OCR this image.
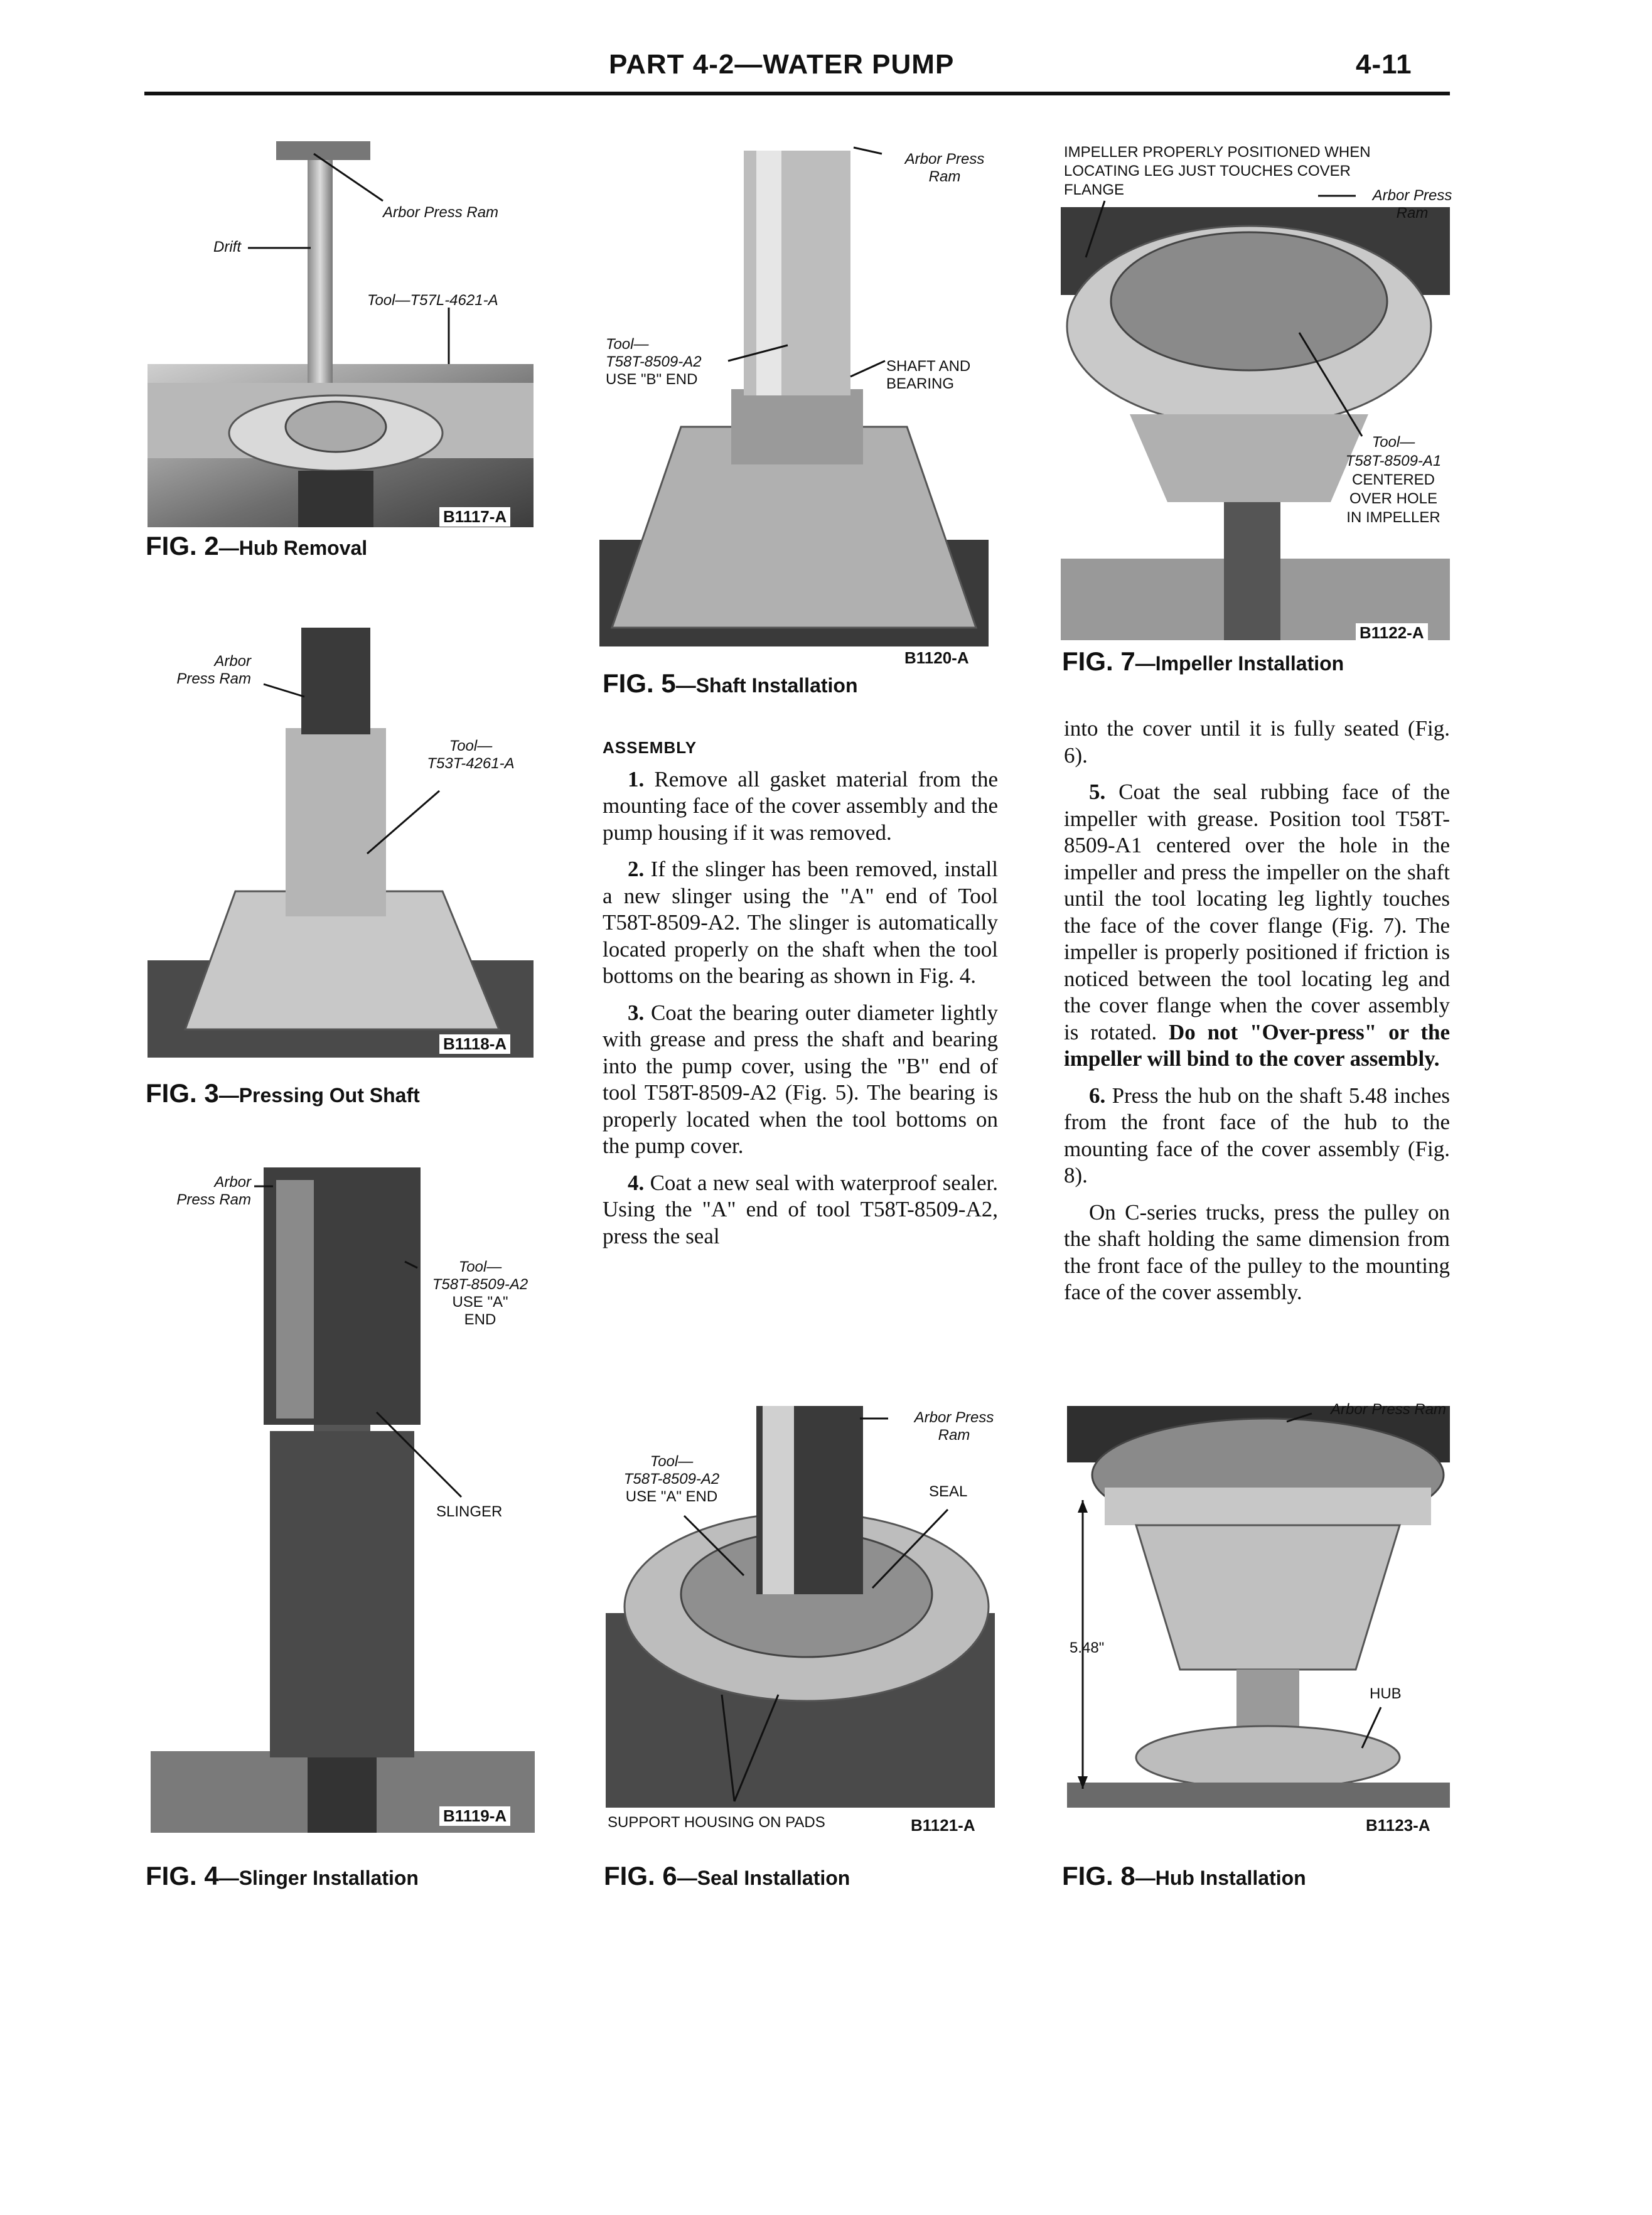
PART 4-2—WATER PUMP	4-11
Arbor Press Ram
Drift
Tool—T57L-4621-A
B1117-A
FIG. 2—Hub Removal
Arbor
Press Ram
Tool—
T53T-4261-A
B1118-A
FIG. 3—Pressing Out Shaft
Arbor
Press Ram
Tool—
T58T-8509-A2
USE "A"
END
SLINGER
B1119-A
FIG. 4—Slinger Installation
Arbor Press
Ram
Tool—
T58T-8509-A2
USE "B" END
SHAFT AND
BEARING
B1120-A
FIG. 5—Shaft Installation
Arbor Press
Ram
Tool—
T58T-8509-A2
USE "A" END	SEAL
SUPPORT HOUSING ON PADS	B1121-A
FIG. 6—Seal Installation
IMPELLER PROPERLY POSITIONED WHEN
LOCATING LEG JUST TOUCHES COVER
FLANGE	Arbor Press
Ram
Tool—
T58T-8509-A1
CENTERED
OVER HOLE
IN IMPELLER
B1122-A
FIG. 7—Impeller Installation
Arbor Press Ram
5.48"
HUB
B1123-A
FIG. 8—Hub Installation

ASSEMBLY

1. Remove all gasket material from the mounting face of the cover assembly and the pump housing if it was removed.

2. If the slinger has been removed, install a new slinger using the "A" end of Tool T58T-8509-A2. The slinger is automatically located properly on the shaft when the tool bottoms on the bearing as shown in Fig. 4.

3. Coat the bearing outer diameter lightly with grease and press the shaft and bearing into the pump cover, using the "B" end of tool T58T-8509-A2 (Fig. 5). The bearing is properly located when the tool bottoms on the pump cover.

4. Coat a new seal with waterproof sealer. Using the "A" end of tool T58T-8509-A2, press the seal

into the cover until it is fully seated (Fig. 6).

5. Coat the seal rubbing face of the impeller with grease. Position tool T58T-8509-A1 centered over the hole in the impeller and press the impeller on the shaft until the tool locating leg lightly touches the face of the cover flange (Fig. 7). The impeller is properly positioned if friction is noticed between the tool locating leg and the cover flange when the cover assembly is rotated. Do not "Over-press" or the impeller will bind to the cover assembly.

6. Press the hub on the shaft 5.48 inches from the front face of the hub to the mounting face of the cover assembly (Fig. 8).

On C-series trucks, press the pulley on the shaft holding the same dimension from the front face of the pulley to the mounting face of the cover assembly.
